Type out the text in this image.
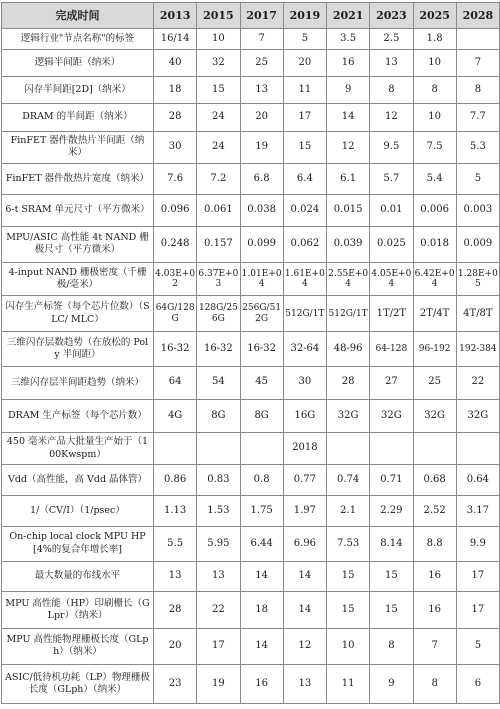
完成时间	2013	2015	2017	2019	2021	2023	2025	2028
逻辑行业"节点名称"的标签	16/14	10	7	5	3.5	2.5	1.8	
逻辑半间距（纳米）	40	32	25	20	16	13	10	7
闪存半间距[2D]（纳米）	18	15	13	11	9	8	8	8
DRAM 的半间距（纳米）	28	24	20	17	14	12	10	7.7
FinFET 器件散热片半间距（纳米）	30	24	19	15	12	9.5	7.5	5.3
FinFET 器件散热片宽度（纳米）	7.6	7.2	6.8	6.4	6.1	5.7	5.4	5
6-t SRAM 单元尺寸（平方微米）	0.096	0.061	0.038	0.024	0.015	0.01	0.006	0.003
MPU/ASIC 高性能 4t NAND 栅极尺寸（平方微米）	0.248	0.157	0.099	0.062	0.039	0.025	0.018	0.009
4-input NAND 栅极密度（千栅极/毫米）	4.03E+02	6.37E+03	1.01E+04	1.61E+04	2.55E+04	4.05E+04	6.42E+04	1.28E+05
闪存生产标签（每个芯片位数）（SLC/ MLC）	64G/128G	128G/256G	256G/512G	512G/1T	512G/1T	1T/2T	2T/4T	4T/8T
三维闪存层数趋势（在放松的 Poly 半间距）	16-32	16-32	16-32	32-64	48-96	64-128	96-192	192-384
三维闪存层半间距趋势（纳米）	64	54	45	30	28	27	25	22
DRAM 生产标签（每个芯片数）	4G	8G	8G	16G	32G	32G	32G	32G
450 毫米产品大批量生产始于（100Kwspm）				2018				
Vdd（高性能，高 Vdd 晶体管）	0.86	0.83	0.8	0.77	0.74	0.71	0.68	0.64
1/（CV/I）（1/psec）	1.13	1.53	1.75	1.97	2.1	2.29	2.52	3.17
On-chip local clock MPU HP[4%的复合年增长率]	5.5	5.95	6.44	6.96	7.53	8.14	8.8	9.9
最大数量的布线水平	13	13	14	14	15	15	16	17
MPU 高性能（HP）印刷栅长（GLpr）（纳米）	28	22	18	14	15	15	16	17
MPU 高性能物理栅极长度（GLph）（纳米）	20	17	14	12	10	8	7	5
ASIC/低待机功耗（LP）物理栅极长度（GLph）（纳米）	23	19	16	13	11	9	8	6
